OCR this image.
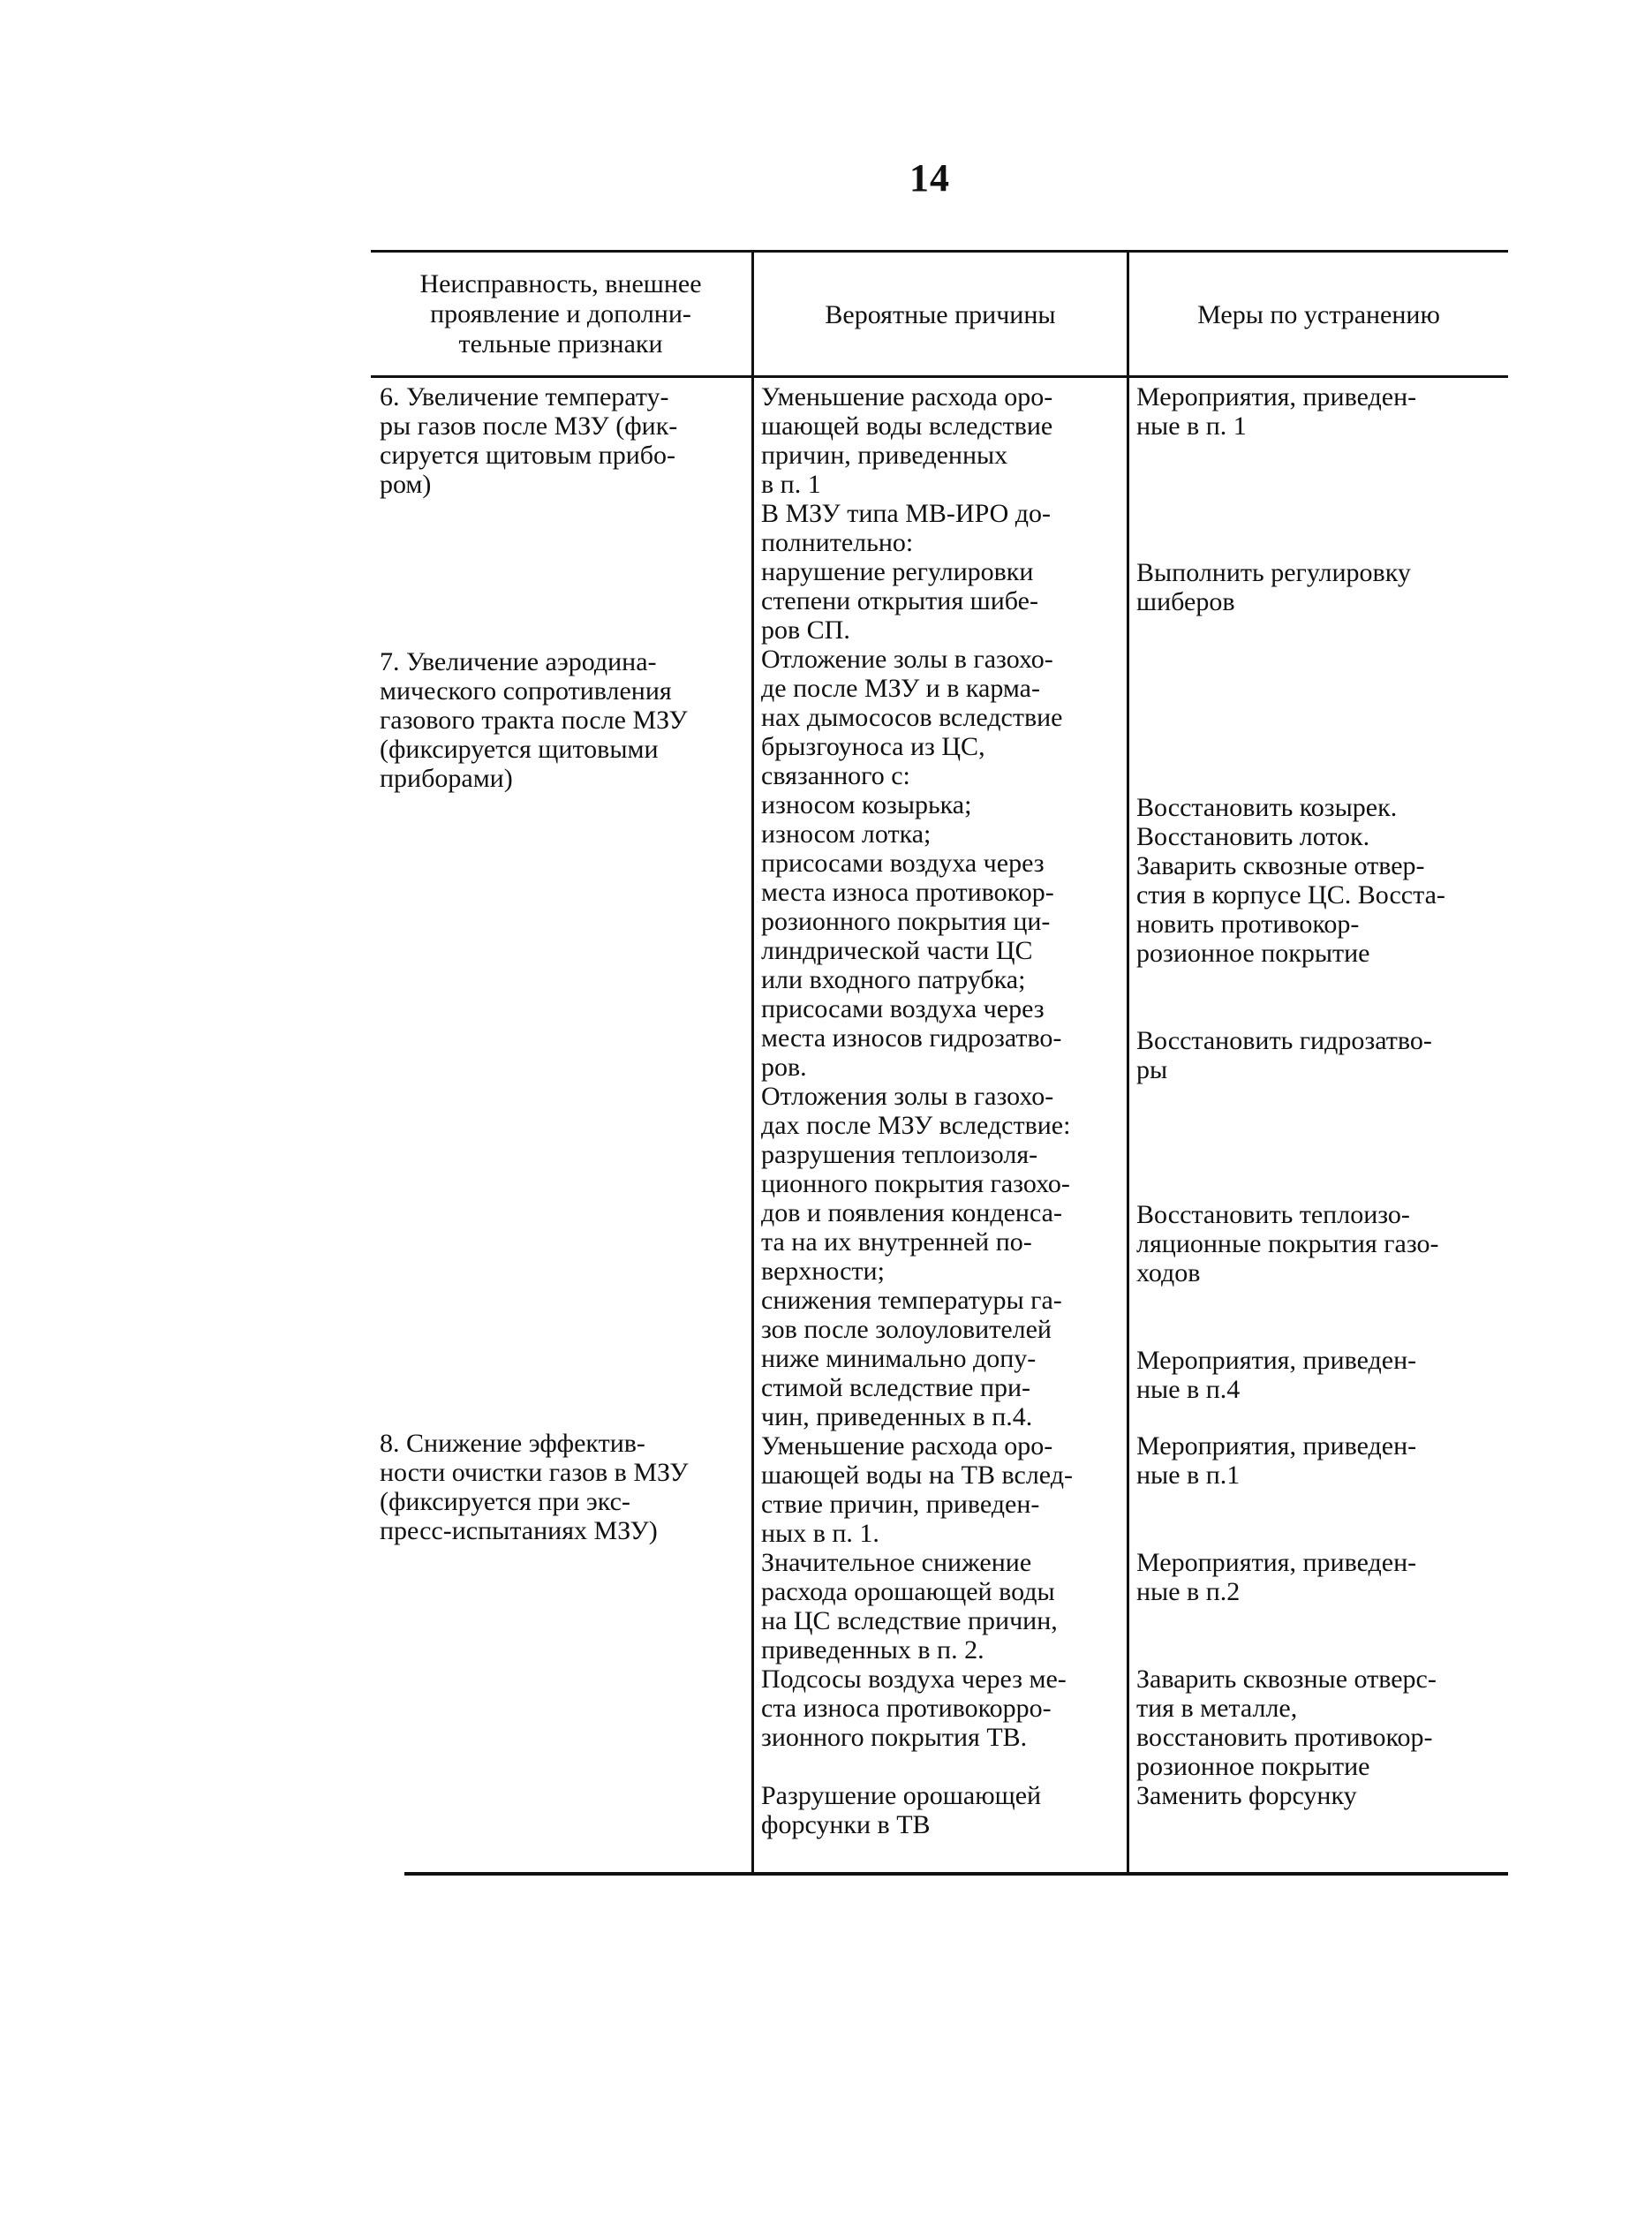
14
Неисправность, внешнее
проявление и дополни-
тельные признаки
Вероятные причины	Меры по устранению
6. Увеличение температу-
ры газов после МЗУ (фик-
сируется щитовым прибо-
ром)
7. Увеличение аэродина-
мического сопротивления
газового тракта после МЗУ
(фиксируется щитовыми
приборами)
8. Снижение эффектив-
ности очистки газов в МЗУ
(фиксируется при экс-
пресс-испытаниях МЗУ)
Уменьшение расхода оро-
шающей воды вследствие
причин, приведенных
в п. 1
В МЗУ типа МВ-ИРО до-
полнительно:
нарушение регулировки
степени открытия шибе-
ров СП.
Отложение золы в газохо-
де после МЗУ и в карма-
нах дымососов вследствие
брызгоуноса из ЦС,
связанного с:
износом козырька;
износом лотка;
присосами воздуха через
места износа противокор-
розионного покрытия ци-
линдрической части ЦС
или входного патрубка;
присосами воздуха через
места износов гидрозатво-
ров.
Отложения золы в газохо-
дах после МЗУ вследствие:
разрушения теплоизоля-
ционного покрытия газохо-
дов и появления конденса-
та на их внутренней по-
верхности;
снижения температуры га-
зов после золоуловителей
ниже минимально допу-
стимой вследствие при-
чин, приведенных в п.4.
Уменьшение расхода оро-
шающей воды на ТВ вслед-
ствие причин, приведен-
ных в п. 1.
Значительное снижение
расхода орошающей воды
на ЦС вследствие причин,
приведенных в п. 2.
Подсосы воздуха через ме-
ста износа противокорро-
зионного покрытия ТВ.
Разрушение орошающей
форсунки в ТВ
Мероприятия, приведен-
ные в п. 1
Выполнить регулировку
шиберов
Восстановить козырек.
Восстановить лоток.
Заварить сквозные отвер-
стия в корпусе ЦС. Восста-
новить противокор-
розионное покрытие
Восстановить гидрозатво-
ры
Восстановить теплоизо-
ляционные покрытия газо-
ходов
Мероприятия, приведен-
ные в п.4
Мероприятия, приведен-
ные в п.1
Мероприятия, приведен-
ные в п.2
Заварить сквозные отверс-
тия в металле,
восстановить противокор-
розионное покрытие
Заменить форсунку
